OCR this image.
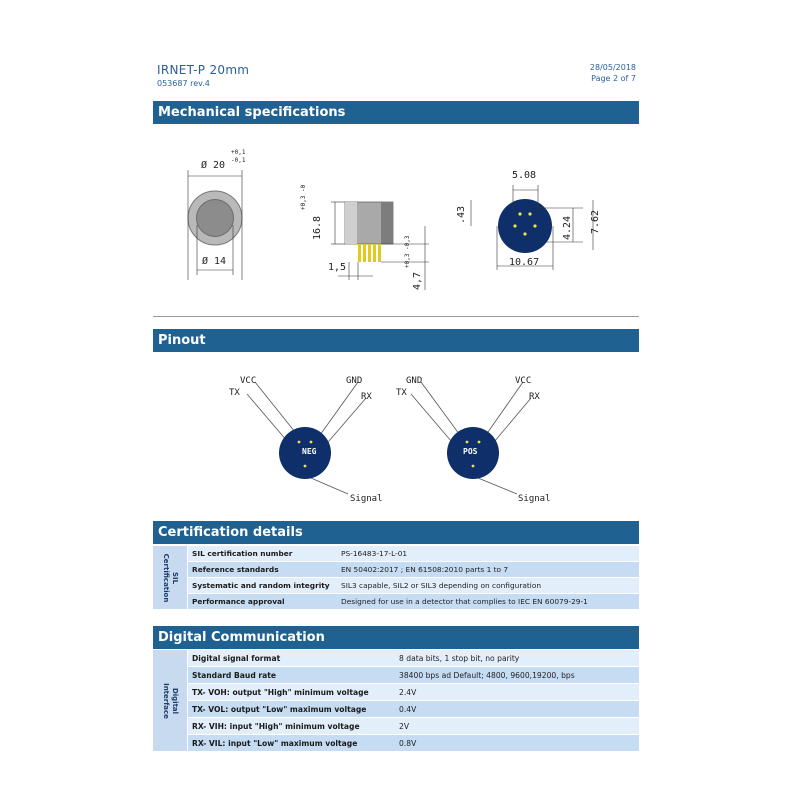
IRNET-P 20mm
053687 rev.4
28/05/2018
Page 2 of 7
Mechanical specifications
Ø 20
+0,1
-0,1
Ø 14
16.8
+0,3 -0
1,5
4,7
+0,3 -0,3
5.08
.43
4.24 7.62
10.67
Pinout
NEG
VCC
TX
GND
RX
Signal
POS
GND
TX
VCC
RX
Signal
Certification details
SIL
Certification	SIL certification number	PS-16483-17-L-01
	Reference standards	EN 50402:2017 ; EN 61508:2010 parts 1 to 7
	Systematic and random integrity	SIL3 capable, SIL2 or SIL3 depending on configuration
	Performance approval	Designed for use in a detector that complies to IEC EN 60079-29-1
Digital Communication
Digital
Interface	Digital signal format	8 data bits, 1 stop bit, no parity
	Standard Baud rate	38400 bps ad Default; 4800, 9600,19200, bps
	TX- VOH: output "High" minimum voltage	2.4V
	TX- VOL: output "Low" maximum voltage	0.4V
	RX- VIH: input "High" minimum voltage	2V
	RX- VIL: input "Low" maximum voltage	0.8V
